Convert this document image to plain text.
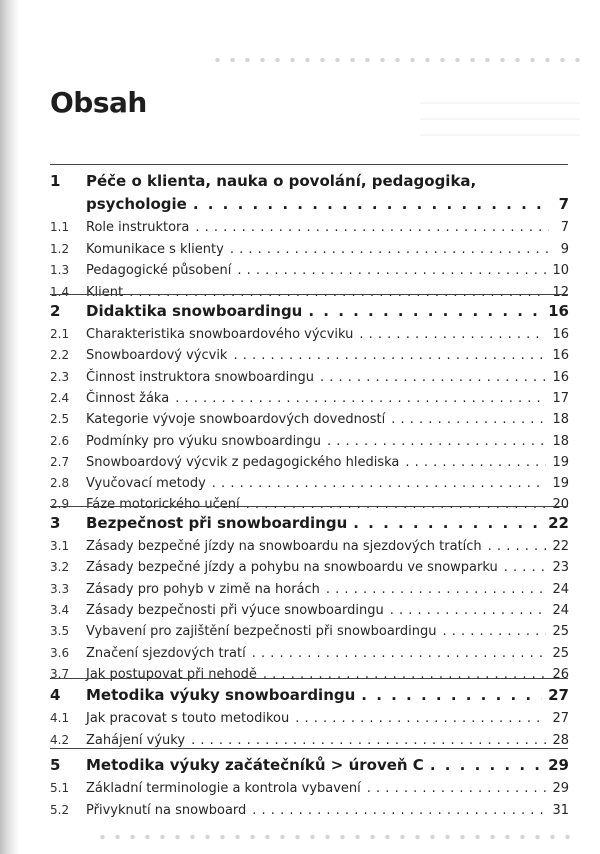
Obsah
1	Péče o klienta, nauka o povolání, pedagogika,
psychologie . . .	7
1.1	Role instruktora . . .	7
1.2	Komunikace s klienty . . .	9
1.3	Pedagogické působení . . .	10
1.4	Klient . . .	12
2	Didaktika snowboardingu . . .	16
2.1	Charakteristika snowboardového výcviku . . .	16
2.2	Snowboardový výcvik . . .	16
2.3	Činnost instruktora snowboardingu . . .	16
2.4	Činnost žáka . . .	17
2.5	Kategorie vývoje snowboardových dovedností . . .	18
2.6	Podmínky pro výuku snowboardingu . . .	18
2.7	Snowboardový výcvik z pedagogického hlediska . . .	19
2.8	Vyučovací metody . . .	19
2.9	Fáze motorického učení . . .	20
3	Bezpečnost při snowboardingu . . .	22
3.1	Zásady bezpečné jízdy na snowboardu na sjezdových tratích . . .	22
3.2	Zásady bezpečné jízdy a pohybu na snowboardu ve snowparku . . .	23
3.3	Zásady pro pohyb v zimě na horách . . .	24
3.4	Zásady bezpečnosti při výuce snowboardingu . . .	24
3.5	Vybavení pro zajištění bezpečnosti při snowboardingu . . .	25
3.6	Značení sjezdových tratí . . .	25
3.7	Jak postupovat při nehodě . . .	26
4	Metodika výuky snowboardingu . . .	27
4.1	Jak pracovat s touto metodikou . . .	27
4.2	Zahájení výuky . . .	28
5	Metodika výuky začátečníků > úroveň C . . .	29
5.1	Základní terminologie a kontrola vybavení . . .	29
5.2	Přivyknutí na snowboard . . .	31
